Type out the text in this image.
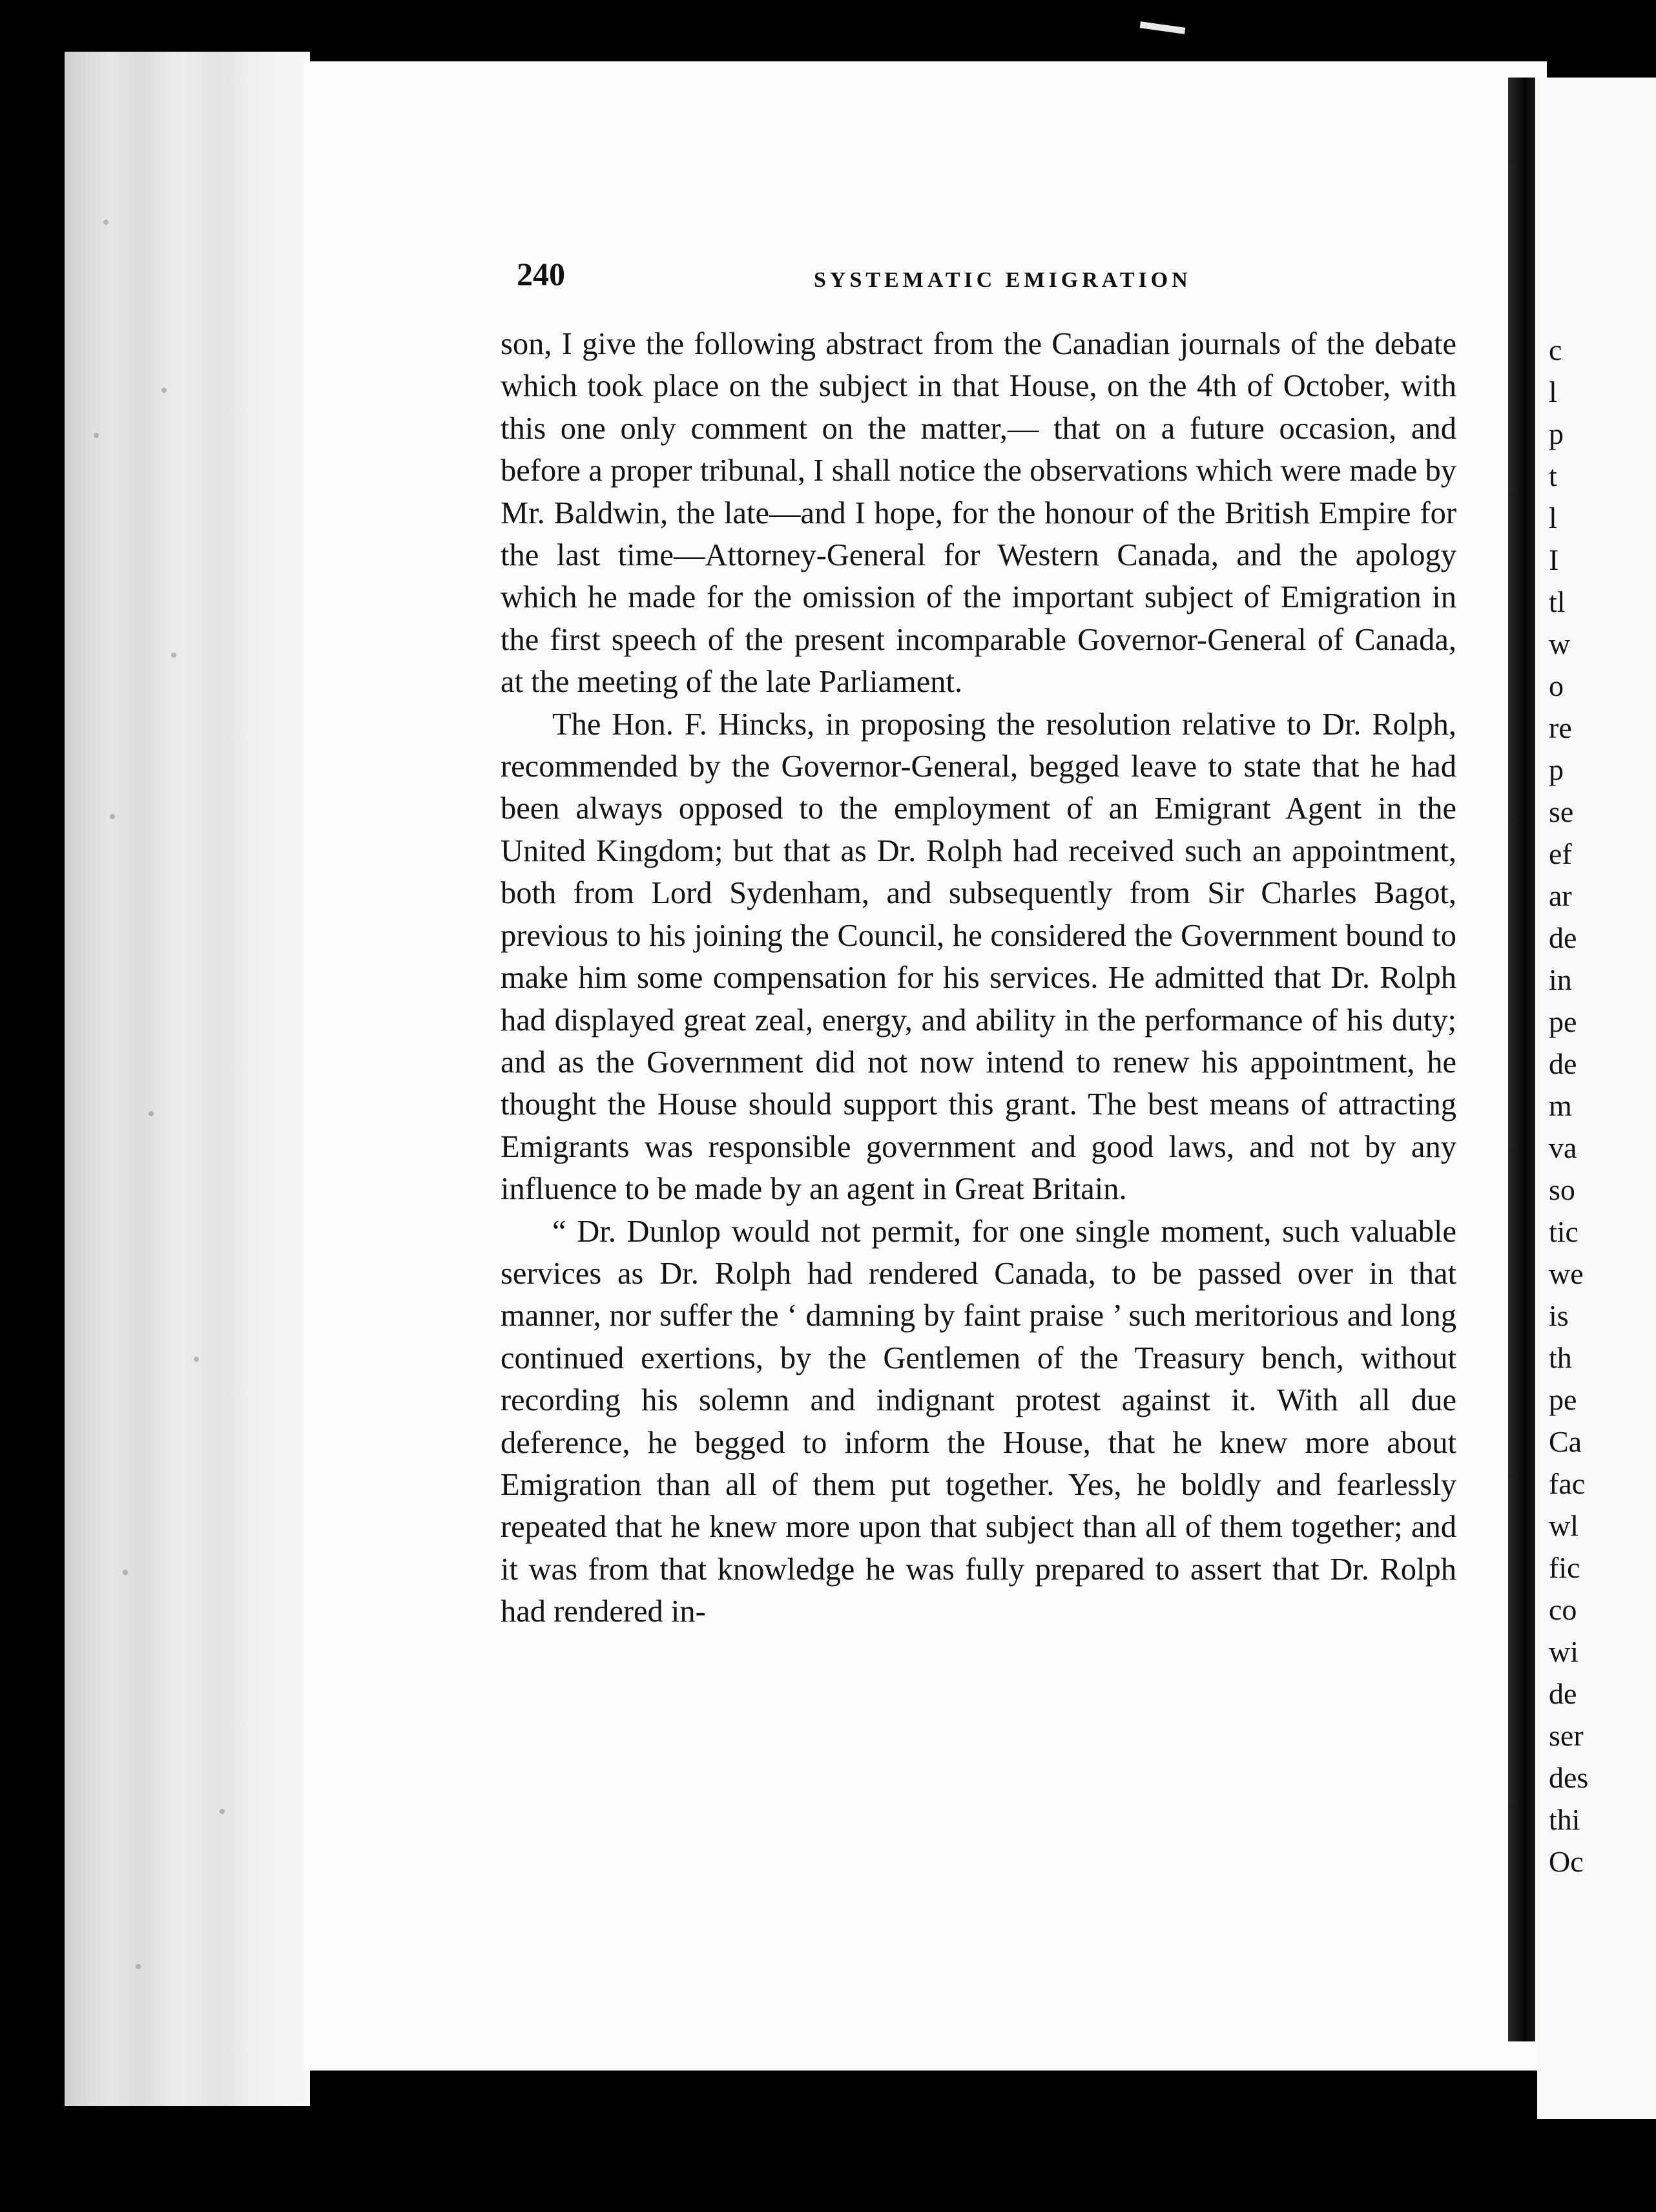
240	SYSTEMATIC EMIGRATION

son, I give the following abstract from the Canadian journals of the debate which took place on the subject in that House, on the 4th of October, with this one only comment on the matter,— that on a future occasion, and before a proper tribunal, I shall notice the observations which were made by Mr. Baldwin, the late—and I hope, for the honour of the British Empire for the last time—Attorney-General for Western Canada, and the apology which he made for the omission of the important subject of Emigration in the first speech of the present incomparable Governor-General of Canada, at the meeting of the late Parliament.

The Hon. F. Hincks, in proposing the resolution relative to Dr. Rolph, recommended by the Governor-General, begged leave to state that he had been always opposed to the employment of an Emigrant Agent in the United Kingdom; but that as Dr. Rolph had received such an appointment, both from Lord Sydenham, and subsequently from Sir Charles Bagot, previous to his joining the Council, he considered the Government bound to make him some compensation for his services. He admitted that Dr. Rolph had displayed great zeal, energy, and ability in the performance of his duty; and as the Government did not now intend to renew his appointment, he thought the House should support this grant. The best means of attracting Emigrants was responsible government and good laws, and not by any influence to be made by an agent in Great Britain.

“ Dr. Dunlop would not permit, for one single moment, such valuable services as Dr. Rolph had rendered Canada, to be passed over in that manner, nor suffer the ‘ damning by faint praise ’ such meritorious and long continued exertions, by the Gentlemen of the Treasury bench, without recording his solemn and indignant protest against it. With all due deference, he begged to inform the House, that he knew more about Emigration than all of them put together. Yes, he boldly and fearlessly repeated that he knew more upon that subject than all of them together; and it was from that knowledge he was fully prepared to assert that Dr. Rolph had rendered in-

c
l
p
t
l
I
tl
w
o
re
p
se
ef
ar
de
in
pe
de
m
va
so
tic
we
is
th
pe
Ca
fac
wl
fic
co
wi
de
ser
des
thi
Oc
